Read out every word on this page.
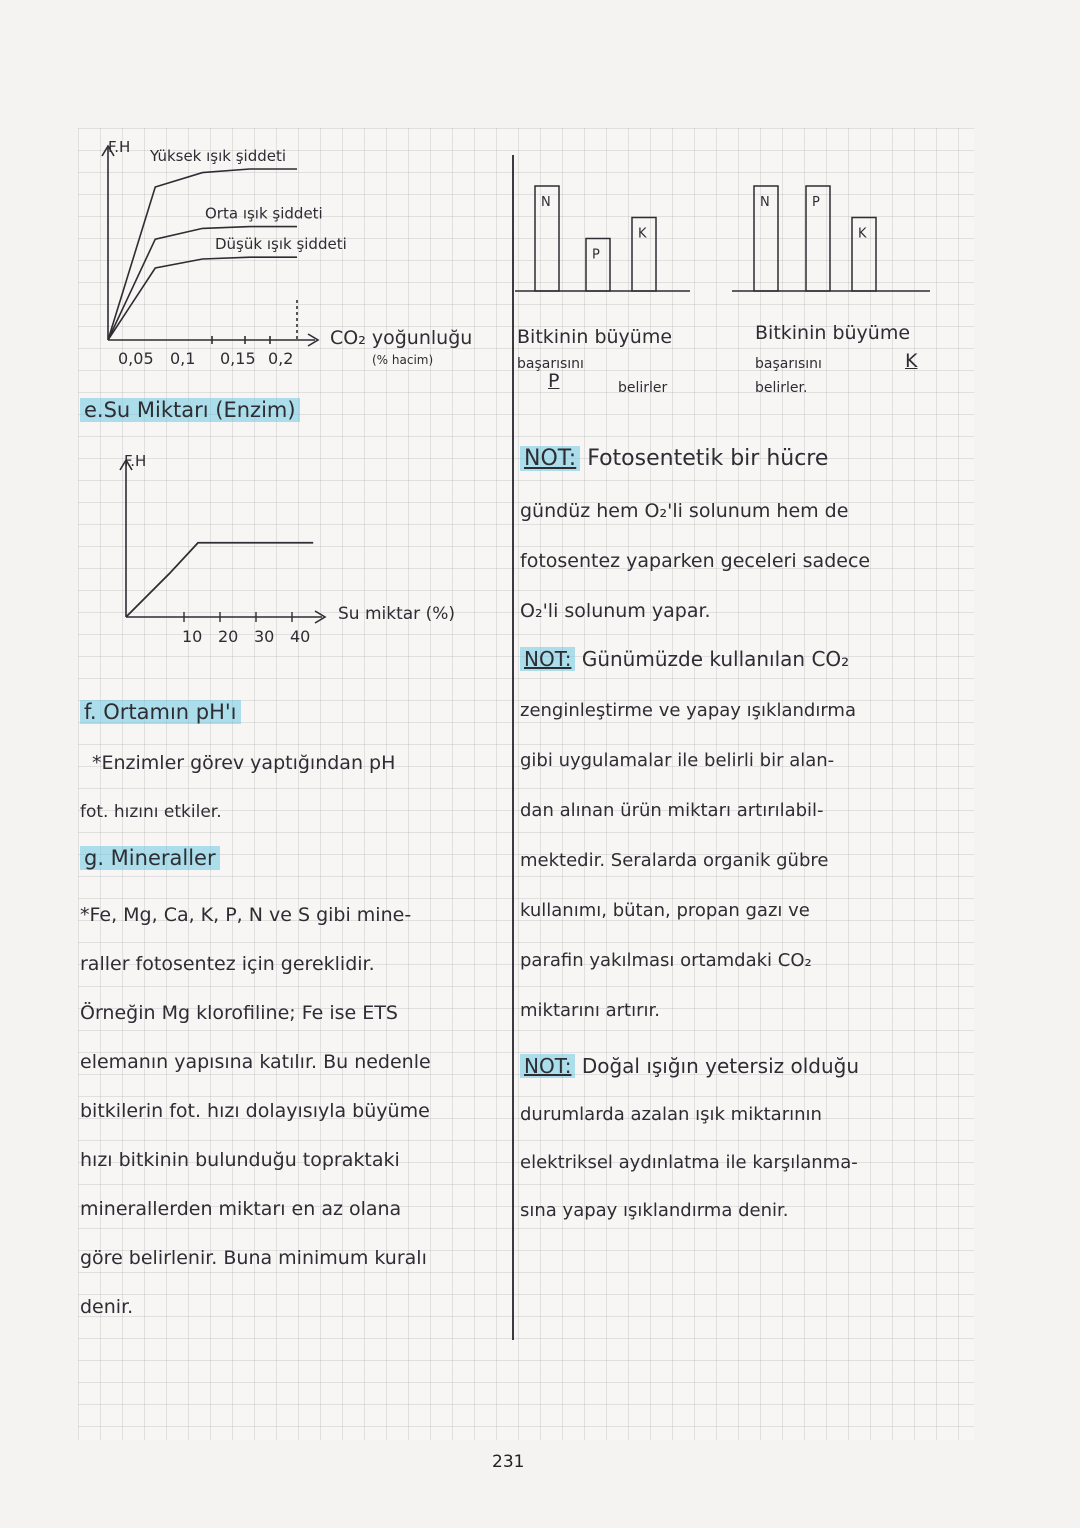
Yüksek ışık şiddeti
Orta ışık şiddeti
Düşük ışık şiddeti
F.H
CO₂ yoğunluğu
(% hacim)
0,05 0,1 0,15 0,2
F.H
Su miktar (%)
10 20 30 40
N
P
K
N	P
K
Bitkinin büyüme
başarısını
P	belirler
Bitkinin büyüme
başarısını	K
belirler.
e.Su Miktarı (Enzim)
f. Ortamın pH'ı
*Enzimler görev yaptığından pH
fot. hızını etkiler.
g. Mineraller
*Fe, Mg, Ca, K, P, N ve S gibi mine-
raller fotosentez için gereklidir.
Örneğin Mg klorofiline; Fe ise ETS
elemanın yapısına katılır. Bu nedenle
bitkilerin fot. hızı dolayısıyla büyüme
hızı bitkinin bulunduğu topraktaki
minerallerden miktarı en az olana
göre belirlenir. Buna minimum kuralı
denir.
NOT: Fotosentetik bir hücre
gündüz hem O₂'li solunum hem de
fotosentez yaparken geceleri sadece
O₂'li solunum yapar.
NOT: Günümüzde kullanılan CO₂
zenginleştirme ve yapay ışıklandırma
gibi uygulamalar ile belirli bir alan-
dan alınan ürün miktarı artırılabil-
mektedir. Seralarda organik gübre
kullanımı, bütan, propan gazı ve
parafin yakılması ortamdaki CO₂
miktarını artırır.
NOT: Doğal ışığın yetersiz olduğu
durumlarda azalan ışık miktarının
elektriksel aydınlatma ile karşılanma-
sına yapay ışıklandırma denir.
231
